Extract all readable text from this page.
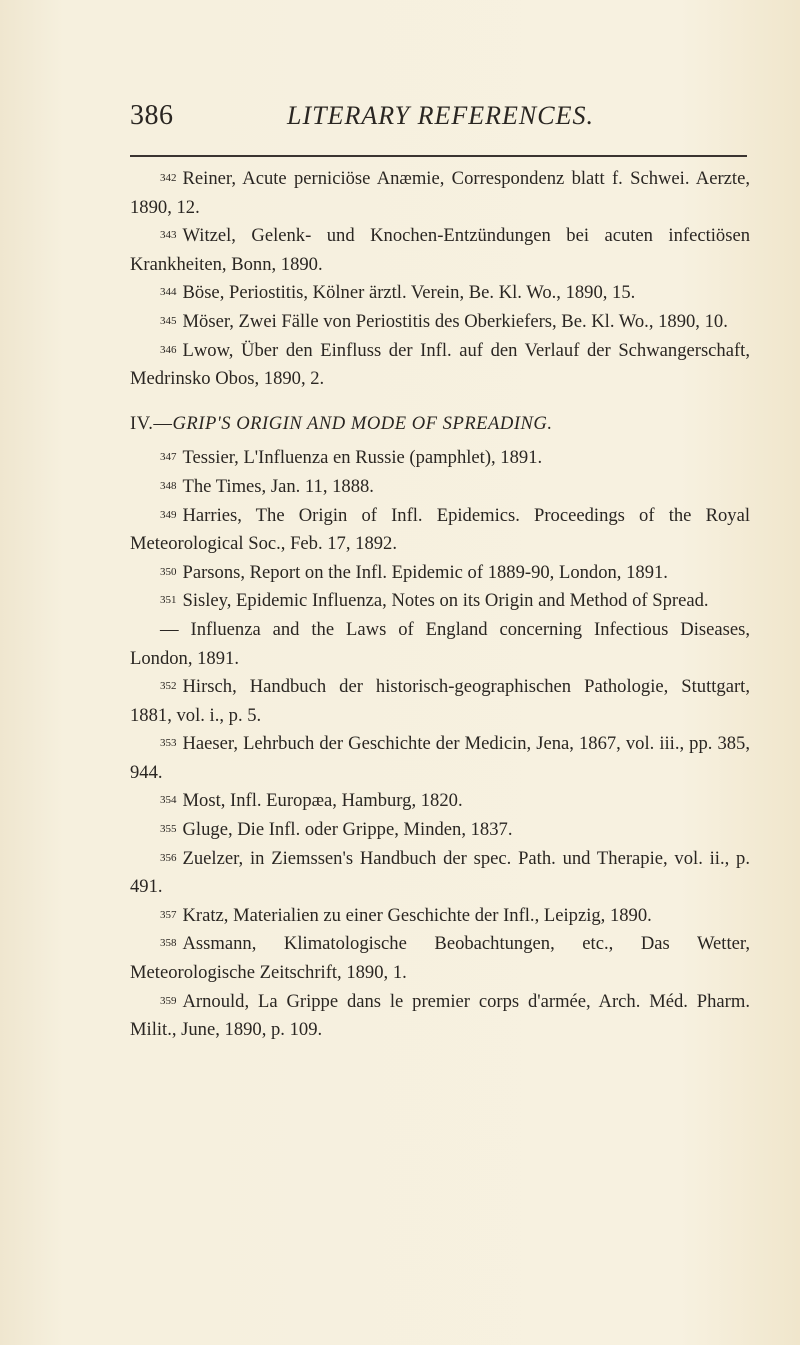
386	LITERARY REFERENCES.

$^{342}$ Reiner, Acute perniciöse Anæmie, Correspondenz blatt f. Schwei. Aerzte, 1890, 12.

$^{343}$ Witzel, Gelenk- und Knochen-Entzündungen bei acuten infectiösen Krankheiten, Bonn, 1890.

$^{344}$ Böse, Periostitis, Kölner ärztl. Verein, Be. Kl. Wo., 1890, 15.

$^{345}$ Möser, Zwei Fälle von Periostitis des Oberkiefers, Be. Kl. Wo., 1890, 10.

$^{346}$ Lwow, Über den Einfluss der Infl. auf den Verlauf der Schwangerschaft, Medrinsko Obos, 1890, 2.

IV.—GRIP'S ORIGIN AND MODE OF SPREADING.

$^{347}$ Tessier, L'Influenza en Russie (pamphlet), 1891.

$^{348}$ The Times, Jan. 11, 1888.

$^{349}$ Harries, The Origin of Infl. Epidemics. Proceedings of the Royal Meteorological Soc., Feb. 17, 1892.

$^{350}$ Parsons, Report on the Infl. Epidemic of 1889-90, London, 1891.

$^{351}$ Sisley, Epidemic Influenza, Notes on its Origin and Method of Spread.

— Influenza and the Laws of England concerning Infectious Diseases, London, 1891.

$^{352}$ Hirsch, Handbuch der historisch-geographischen Pathologie, Stuttgart, 1881, vol. i., p. 5.

$^{353}$ Haeser, Lehrbuch der Geschichte der Medicin, Jena, 1867, vol. iii., pp. 385, 944.

$^{354}$ Most, Infl. Europæa, Hamburg, 1820.

$^{355}$ Gluge, Die Infl. oder Grippe, Minden, 1837.

$^{356}$ Zuelzer, in Ziemssen's Handbuch der spec. Path. und Therapie, vol. ii., p. 491.

$^{357}$ Kratz, Materialien zu einer Geschichte der Infl., Leipzig, 1890.

$^{358}$ Assmann, Klimatologische Beobachtungen, etc., Das Wetter, Meteorologische Zeitschrift, 1890, 1.

$^{359}$ Arnould, La Grippe dans le premier corps d'armée, Arch. Méd. Pharm. Milit., June, 1890, p. 109.
